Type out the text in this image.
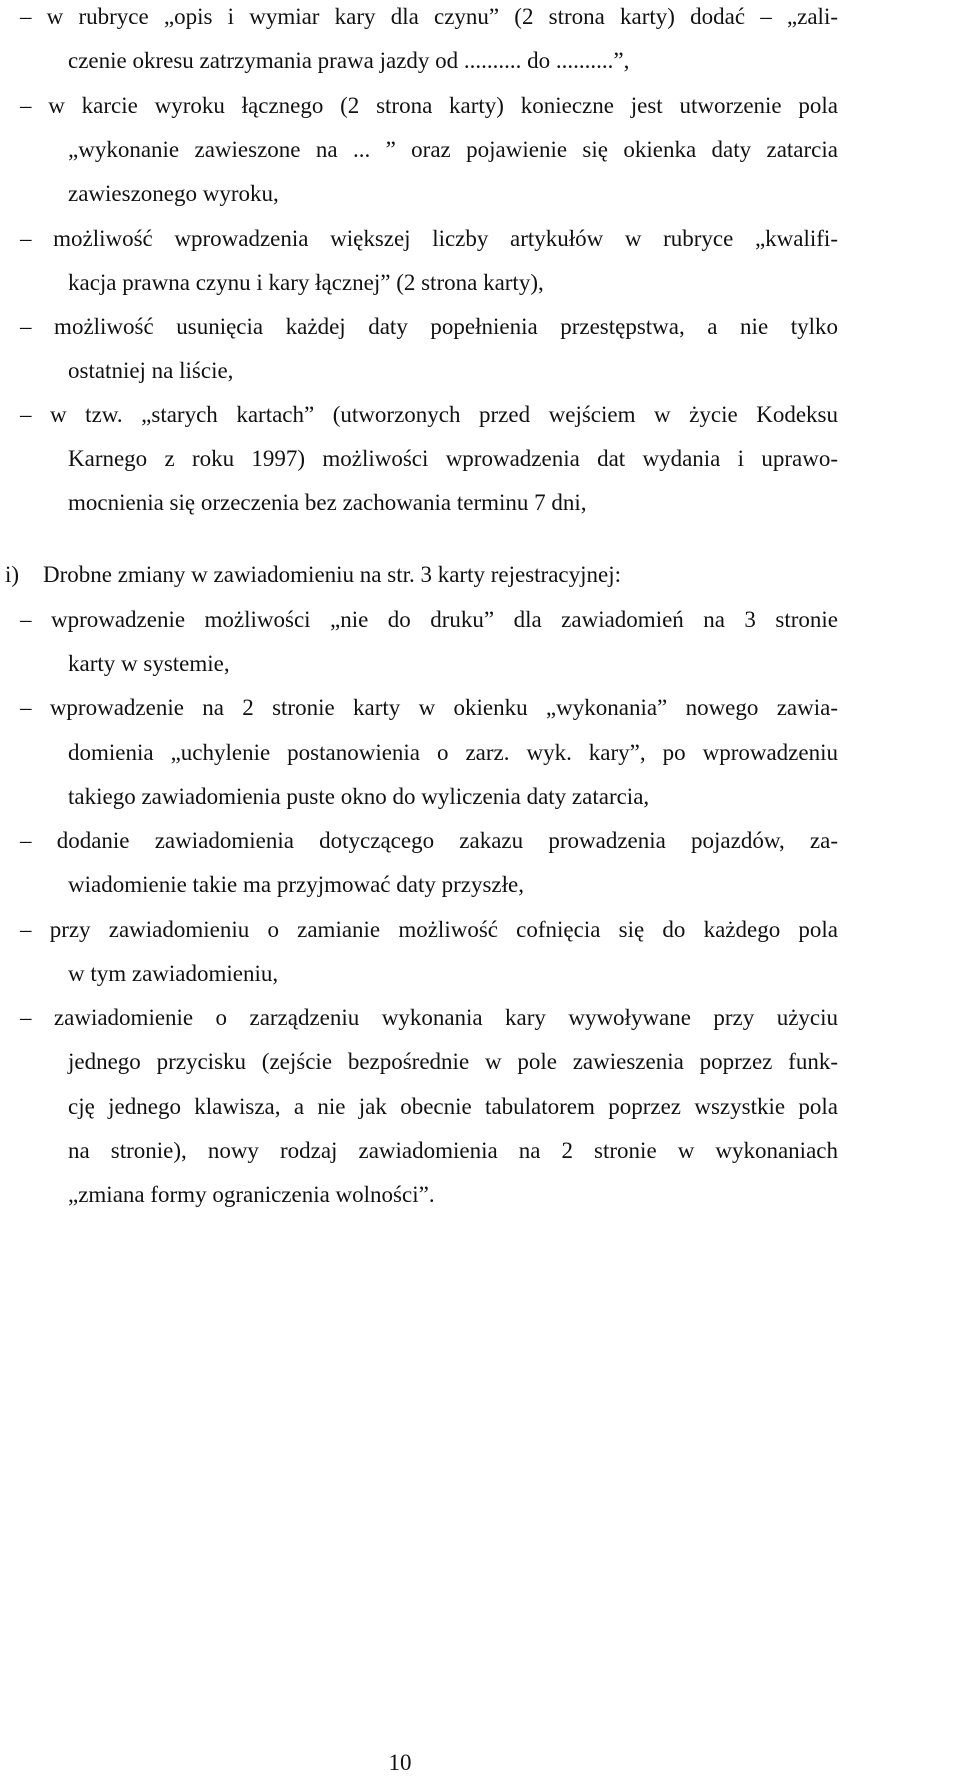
– w rubryce „opis i wymiar kary dla czynu” (2 strona karty) dodać – „zali-
czenie okresu zatrzymania prawa jazdy od .......... do ..........”,
– w karcie wyroku łącznego (2 strona karty) konieczne jest utworzenie pola
„wykonanie zawieszone na ... ” oraz pojawienie się okienka daty zatarcia
zawieszonego wyroku,
– możliwość wprowadzenia większej liczby artykułów w rubryce „kwalifi-
kacja prawna czynu i kary łącznej” (2 strona karty),
– możliwość usunięcia każdej daty popełnienia przestępstwa, a nie tylko
ostatniej na liście,
– w tzw. „starych kartach” (utworzonych przed wejściem w życie Kodeksu
Karnego z roku 1997) możliwości wprowadzenia dat wydania i uprawo-
mocnienia się orzeczenia bez zachowania terminu 7 dni,
i) Drobne zmiany w zawiadomieniu na str. 3 karty rejestracyjnej:
– wprowadzenie możliwości „nie do druku” dla zawiadomień na 3 stronie
karty w systemie,
– wprowadzenie na 2 stronie karty w okienku „wykonania” nowego zawia-
domienia „uchylenie postanowienia o zarz. wyk. kary”, po wprowadzeniu
takiego zawiadomienia puste okno do wyliczenia daty zatarcia,
– dodanie zawiadomienia dotyczącego zakazu prowadzenia pojazdów, za-
wiadomienie takie ma przyjmować daty przyszłe,
– przy zawiadomieniu o zamianie możliwość cofnięcia się do każdego pola
w tym zawiadomieniu,
– zawiadomienie o zarządzeniu wykonania kary wywoływane przy użyciu
jednego przycisku (zejście bezpośrednie w pole zawieszenia poprzez funk-
cję jednego klawisza, a nie jak obecnie tabulatorem poprzez wszystkie pola
na stronie), nowy rodzaj zawiadomienia na 2 stronie w wykonaniach
„zmiana formy ograniczenia wolności”.
10
